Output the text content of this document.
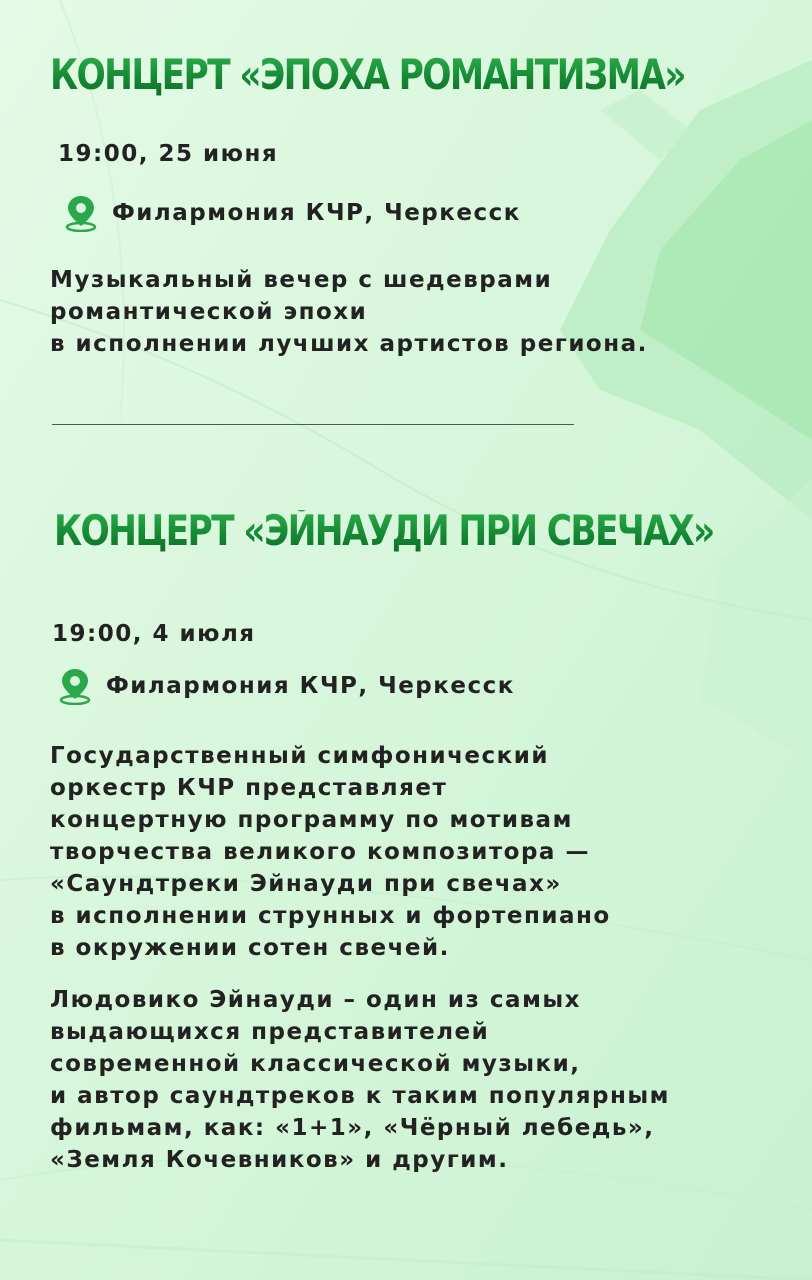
КОНЦЕРТ «ЭПОХА РОМАНТИЗМА»

19:00, 25 июня

Филармония КЧР, Черкесск

Музыкальный вечер с шедеврами
романтической эпохи
в исполнении лучших артистов региона.

КОНЦЕРТ «ЭЙНАУДИ ПРИ СВЕЧАХ»

19:00, 4 июля

Филармония КЧР, Черкесск

Государственный симфонический
оркестр КЧР представляет
концертную программу по мотивам
творчества великого композитора —
«Саундтреки Эйнауди при свечах»
в исполнении струнных и фортепиано
в окружении сотен свечей.

Людовико Эйнауди – один из самых
выдающихся представителей
современной классической музыки,
и автор саундтреков к таким популярным
фильмам, как: «1+1», «Чёрный лебедь»,
«Земля Кочевников» и другим.
